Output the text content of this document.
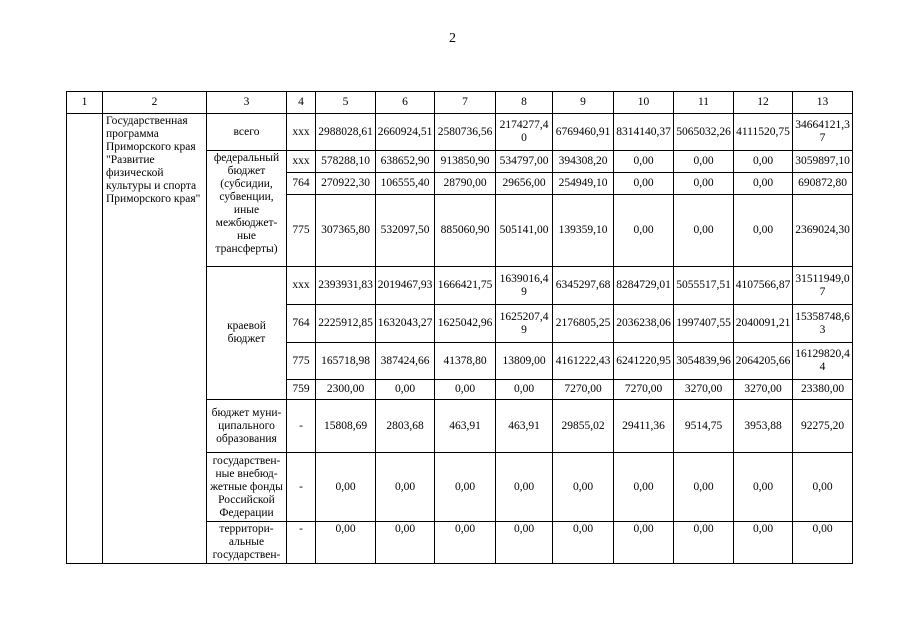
2
1	2	3	4	5	6	7	8	9	10	11	12	13
	Государственная программа Приморского края "Развитие физической культуры и спорта Приморского края"	всего	xxx	2988028,61	2660924,51	2580736,56	2174277,40	6769460,91	8314140,37	5065032,26	4111520,75	34664121,37
		федеральный бюджет (субсидии, субвенции, иные межбюджет-ные трансферты)	xxx	578288,10	638652,90	913850,90	534797,00	394308,20	0,00	0,00	0,00	3059897,10
			764	270922,30	106555,40	28790,00	29656,00	254949,10	0,00	0,00	0,00	690872,80
			775	307365,80	532097,50	885060,90	505141,00	139359,10	0,00	0,00	0,00	2369024,30
		краевой бюджет	xxx	2393931,83	2019467,93	1666421,75	1639016,49	6345297,68	8284729,01	5055517,51	4107566,87	31511949,07
			764	2225912,85	1632043,27	1625042,96	1625207,49	2176805,25	2036238,06	1997407,55	2040091,21	15358748,63
			775	165718,98	387424,66	41378,80	13809,00	4161222,43	6241220,95	3054839,96	2064205,66	16129820,44
			759	2300,00	0,00	0,00	0,00	7270,00	7270,00	3270,00	3270,00	23380,00
		бюджет муни-ципального образования	-	15808,69	2803,68	463,91	463,91	29855,02	29411,36	9514,75	3953,88	92275,20
		государствен-ные внебюд-жетные фонды Российской Федерации	-	0,00	0,00	0,00	0,00	0,00	0,00	0,00	0,00	0,00
		территори-альные государствен-	-	0,00	0,00	0,00	0,00	0,00	0,00	0,00	0,00	0,00
